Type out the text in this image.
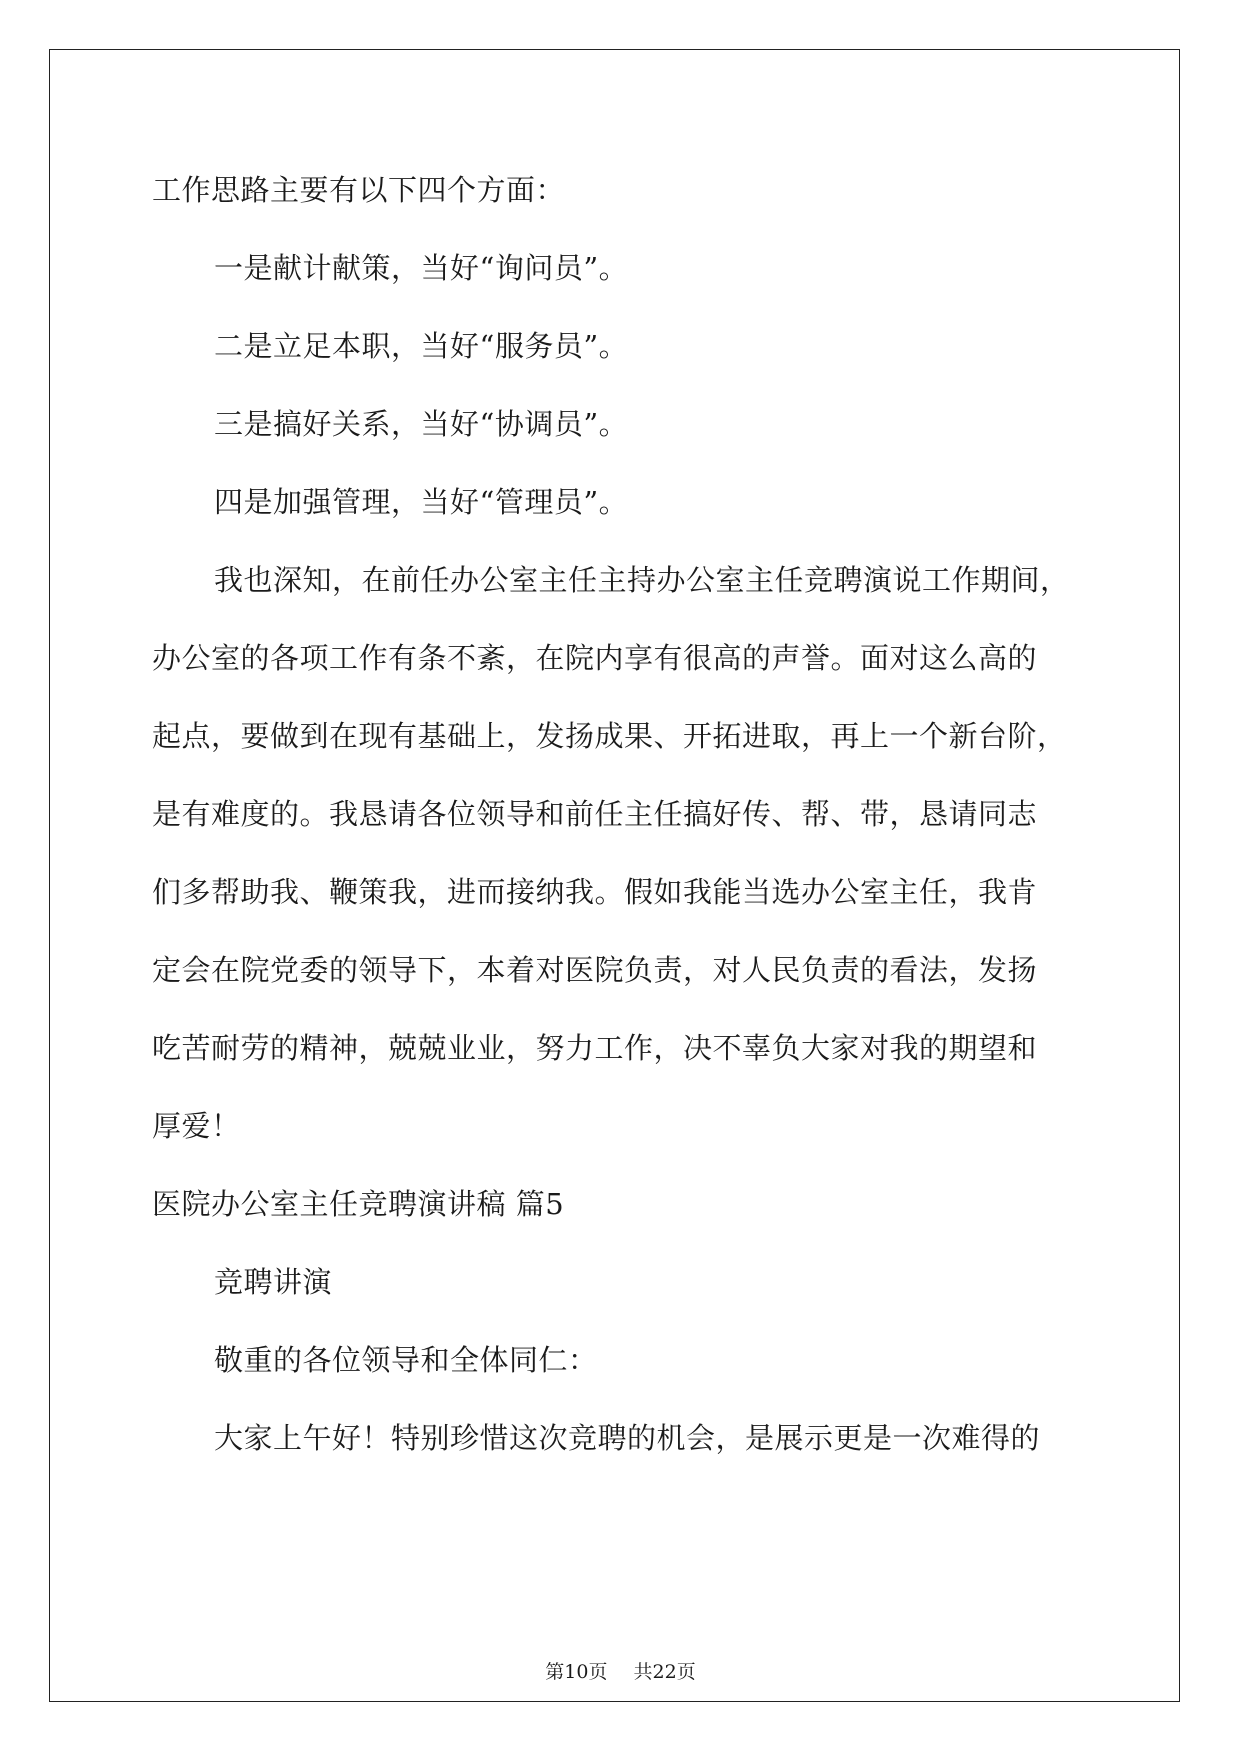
工作思路主要有以下四个方面：
一是献计献策，当好“询问员”。
二是立足本职，当好“服务员”。
三是搞好关系，当好“协调员”。
四是加强管理，当好“管理员”。
我也深知，在前任办公室主任主持办公室主任竞聘演说工作期间，
办公室的各项工作有条不紊，在院内享有很高的声誉。面对这么高的
起点，要做到在现有基础上，发扬成果、开拓进取，再上一个新台阶，
是有难度的。我恳请各位领导和前任主任搞好传、帮、带，恳请同志
们多帮助我、鞭策我，进而接纳我。假如我能当选办公室主任，我肯
定会在院党委的领导下，本着对医院负责，对人民负责的看法，发扬
吃苦耐劳的精神，兢兢业业，努力工作，决不辜负大家对我的期望和
厚爱！
医院办公室主任竞聘演讲稿 篇5
竞聘讲演
敬重的各位领导和全体同仁：
大家上午好！特别珍惜这次竞聘的机会，是展示更是一次难得的
第10页 共22页
